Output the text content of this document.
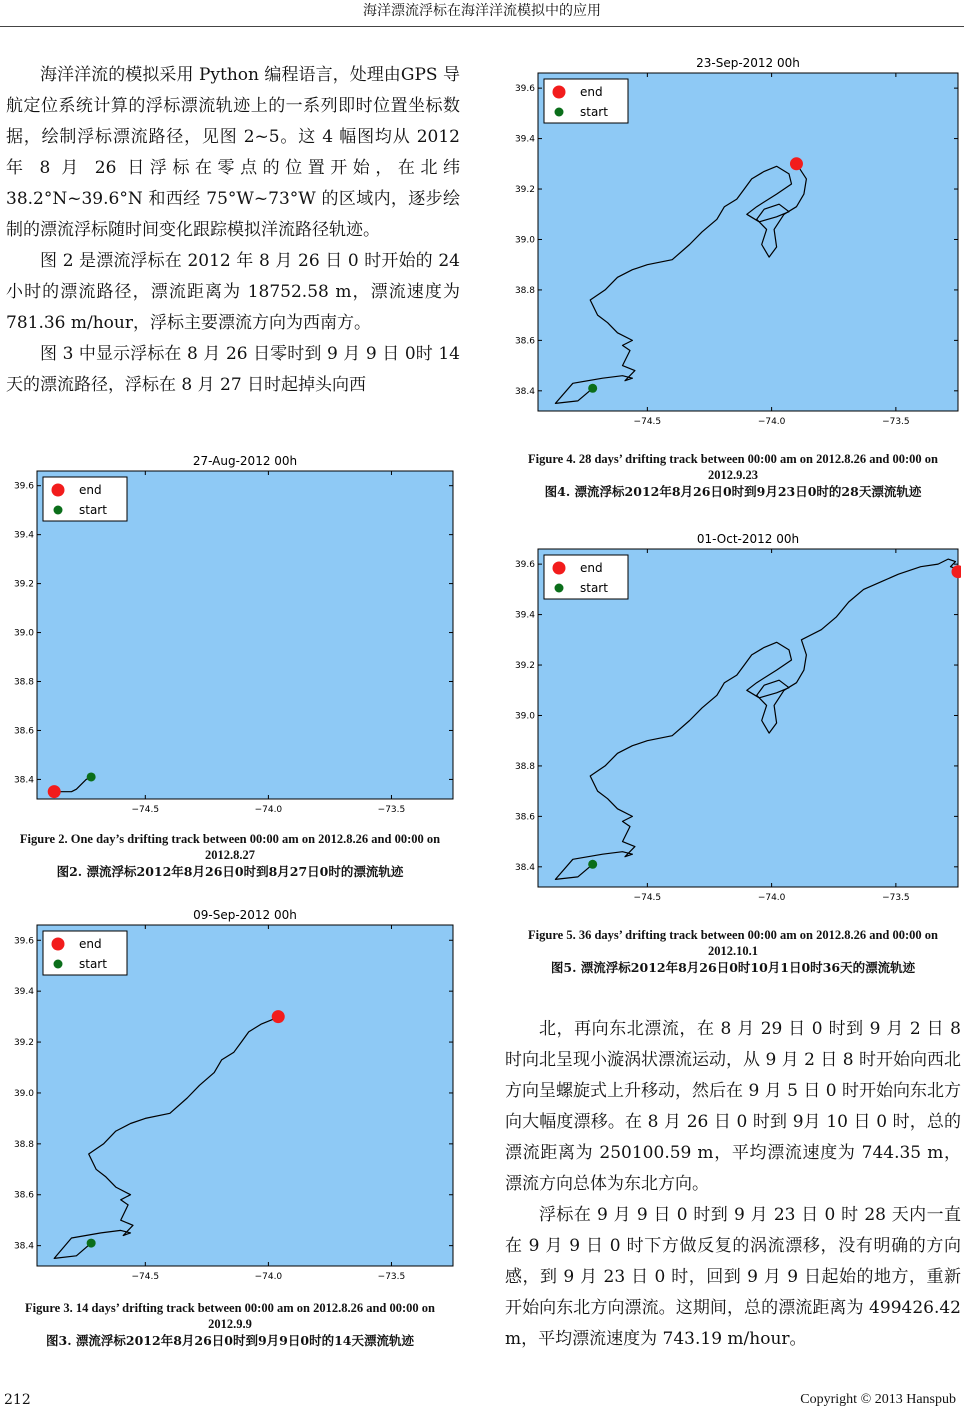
海洋漂流浮标在海洋洋流模拟中的应用

海洋洋流的模拟采用 Python 编程语言，处理由GPS 导航定位系统计算的浮标漂流轨迹上的一系列即时位置坐标数据，绘制浮标漂流路径，见图 2~5。这 4 幅图均从 2012 年 8 月 26 日浮标在零点的位置开始，在北纬 38.2°N~39.6°N 和西经 75°W~73°W 的区域内，逐步绘制的漂流浮标随时间变化跟踪模拟洋流路径轨迹。

图 2 是漂流浮标在 2012 年 8 月 26 日 0 时开始的 24 小时的漂流路径，漂流距离为 18752.58 m，漂流速度为 781.36 m/hour，浮标主要漂流方向为西南方。

图 3 中显示浮标在 8 月 26 日零时到 9 月 9 日 0时 14 天的漂流路径，浮标在 8 月 27 日时起掉头向西

北，再向东北漂流，在 8 月 29 日 0 时到 9 月 2 日 8时向北呈现小漩涡状漂流运动，从 9 月 2 日 8 时开始向西北方向呈螺旋式上升移动，然后在 9 月 5 日 0 时开始向东北方向大幅度漂移。在 8 月 26 日 0 时到 9月 10 日 0 时，总的漂流距离为 250100.59 m，平均漂流速度为 744.35 m，漂流方向总体为东北方向。

浮标在 9 月 9 日 0 时到 9 月 23 日 0 时 28 天内一直在 9 月 9 日 0 时下方做反复的涡流漂移，没有明确的方向感，到 9 月 23 日 0 时，回到 9 月 9 日起始的地方，重新开始向东北方向漂流。这期间，总的漂流距离为 499426.42 m，平均漂流速度为 743.19 m/hour。

38.4
38.6
38.8
39.0
39.2
39.4
39.6
−74.5	−74.0	−73.5
27-Aug-2012 00h
end
start
Figure 2. One day’s drifting track between 00:00 am on 2012.8.26 and 00:00 on 2012.8.27
图2. 漂流浮标2012年8月26日0时到8月27日0时的漂流轨迹
38.4
38.6
38.8
39.0
39.2
39.4
39.6
−74.5	−74.0	−73.5
09-Sep-2012 00h
end
start
Figure 3. 14 days’ drifting track between 00:00 am on 2012.8.26 and 00:00 on 2012.9.9
图3. 漂流浮标2012年8月26日0时到9月9日0时的14天漂流轨迹
38.4
38.6
38.8
39.0
39.2
39.4
39.6
−74.5	−74.0	−73.5
23-Sep-2012 00h
end
start
Figure 4. 28 days’ drifting track between 00:00 am on 2012.8.26 and 00:00 on 2012.9.23
图4. 漂流浮标2012年8月26日0时到9月23日0时的28天漂流轨迹
38.4
38.6
38.8
39.0
39.2
39.4
39.6
−74.5	−74.0	−73.5
01-Oct-2012 00h
end
start
Figure 5. 36 days’ drifting track between 00:00 am on 2012.8.26 and 00:00 on 2012.10.1
图5. 漂流浮标2012年8月26日0时10月1日0时36天的漂流轨迹
212	Copyright © 2013 Hanspub
